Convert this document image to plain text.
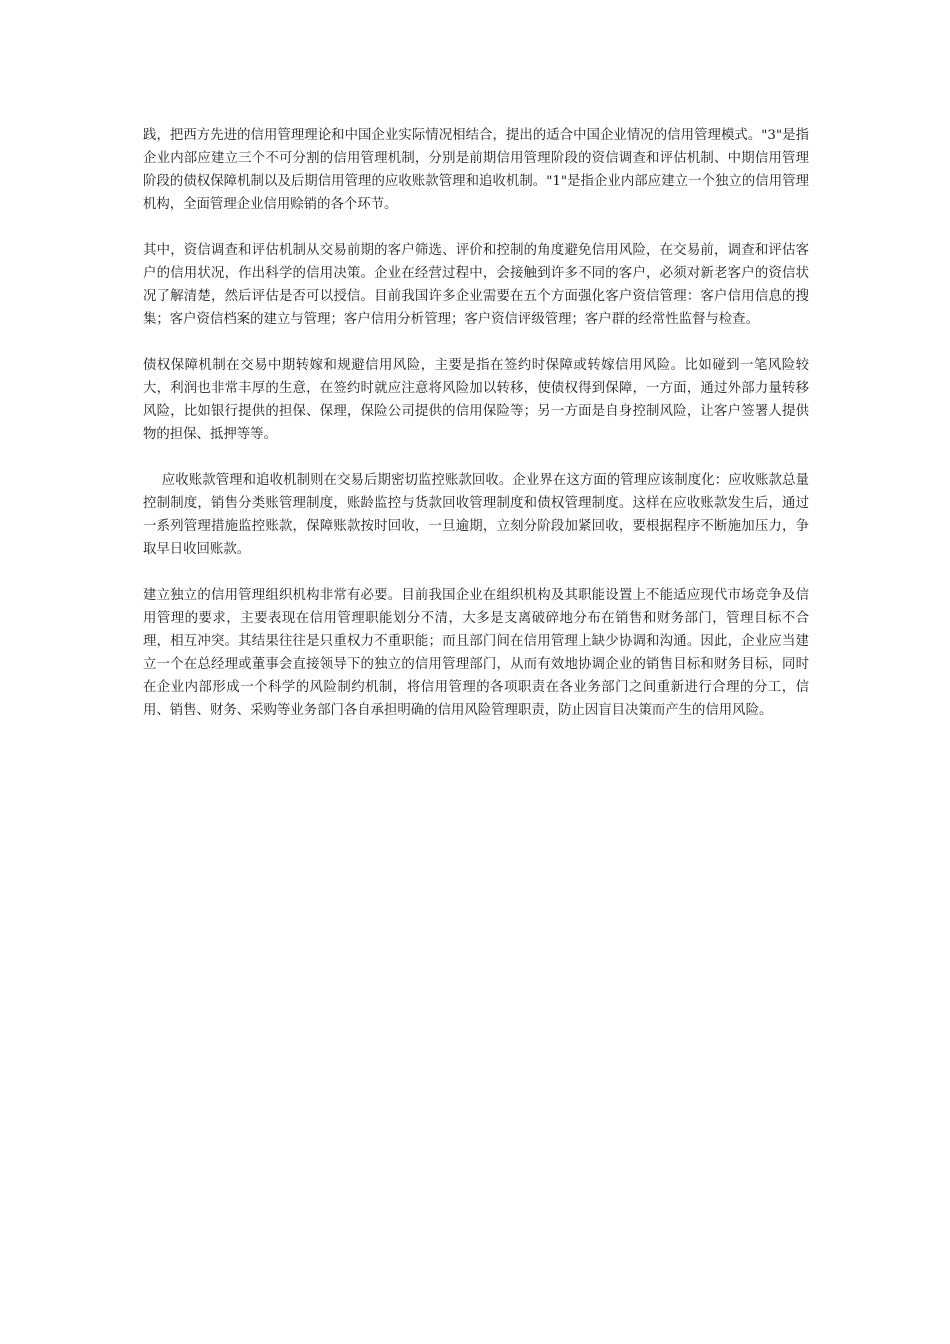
践，把西方先进的信用管理理论和中国企业实际情况相结合，提出的适合中国企业情况的信用管理模式。"3"是指企业内部应建立三个不可分割的信用管理机制，分别是前期信用管理阶段的资信调查和评估机制、中期信用管理阶段的债权保障机制以及后期信用管理的应收账款管理和追收机制。"1"是指企业内部应建立一个独立的信用管理机构，全面管理企业信用赊销的各个环节。

其中，资信调查和评估机制从交易前期的客户筛选、评价和控制的角度避免信用风险，在交易前，调查和评估客户的信用状况，作出科学的信用决策。企业在经营过程中，会接触到许多不同的客户，必须对新老客户的资信状况了解清楚，然后评估是否可以授信。目前我国许多企业需要在五个方面强化客户资信管理：客户信用信息的搜集；客户资信档案的建立与管理；客户信用分析管理；客户资信评级管理；客户群的经常性监督与检查。

债权保障机制在交易中期转嫁和规避信用风险，主要是指在签约时保障或转嫁信用风险。比如碰到一笔风险较大，利润也非常丰厚的生意，在签约时就应注意将风险加以转移，使债权得到保障，一方面，通过外部力量转移风险，比如银行提供的担保、保理，保险公司提供的信用保险等；另一方面是自身控制风险，让客户签署人提供物的担保、抵押等等。

应收账款管理和追收机制则在交易后期密切监控账款回收。企业界在这方面的管理应该制度化：应收账款总量控制制度，销售分类账管理制度，账龄监控与货款回收管理制度和债权管理制度。这样在应收账款发生后，通过一系列管理措施监控账款，保障账款按时回收，一旦逾期，立刻分阶段加紧回收，要根据程序不断施加压力，争取早日收回账款。

建立独立的信用管理组织机构非常有必要。目前我国企业在组织机构及其职能设置上不能适应现代市场竞争及信用管理的要求，主要表现在信用管理职能划分不清，大多是支离破碎地分布在销售和财务部门，管理目标不合理，相互冲突。其结果往往是只重权力不重职能；而且部门间在信用管理上缺少协调和沟通。因此，企业应当建立一个在总经理或董事会直接领导下的独立的信用管理部门，从而有效地协调企业的销售目标和财务目标，同时在企业内部形成一个科学的风险制约机制，将信用管理的各项职责在各业务部门之间重新进行合理的分工，信用、销售、财务、采购等业务部门各自承担明确的信用风险管理职责，防止因盲目决策而产生的信用风险。
